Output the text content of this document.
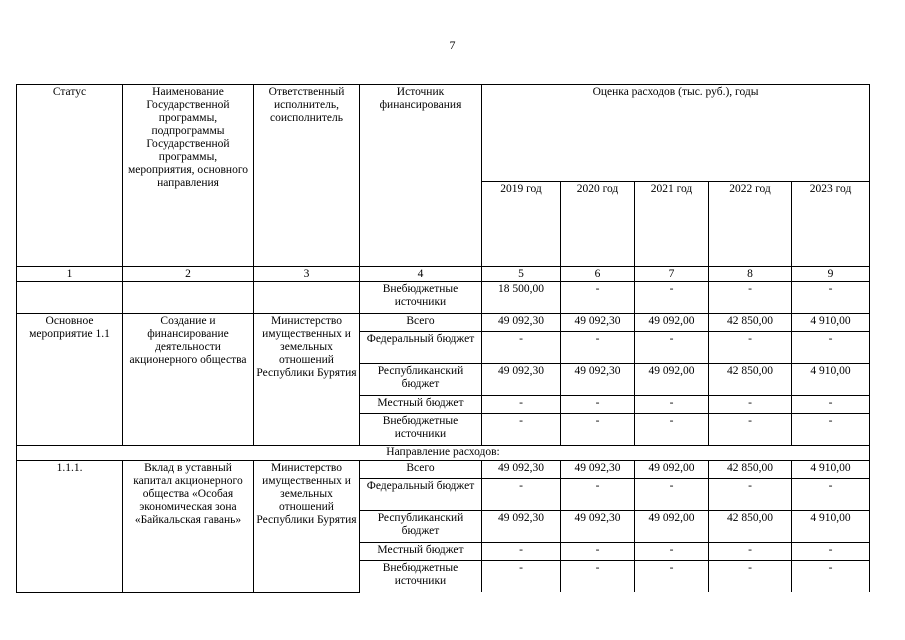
7
Статус	Наименование Государственной программы, подпрограммы Государственной программы, мероприятия, основного направления	Ответственный исполнитель, соисполнитель	Источник финансирования	Оценка расходов (тыс. руб.), годы				
				2019 год	2020 год	2021 год	2022 год	2023 год
1	2	3	4	5	6	7	8	9
			Внебюджетные источники	18 500,00	-	-	-	-
Основное мероприятие 1.1	Создание и финансирование деятельности акционерного общества	Министерство имущественных и земельных отношений Республики Бурятия	Всего	49 092,30	49 092,30	49 092,00	42 850,00	4 910,00
			Федеральный бюджет	-	-	-	-	-
			Республиканский бюджет	49 092,30	49 092,30	49 092,00	42 850,00	4 910,00
			Местный бюджет	-	-	-	-	-
			Внебюджетные источники	-	-	-	-	-
Направление расходов:								
1.1.1.	Вклад в уставный капитал акционерного общества «Особая экономическая зона «Байкальская гавань»	Министерство имущественных и земельных отношений Республики Бурятия	Всего	49 092,30	49 092,30	49 092,00	42 850,00	4 910,00
			Федеральный бюджет	-	-	-	-	-
			Республиканский бюджет	49 092,30	49 092,30	49 092,00	42 850,00	4 910,00
			Местный бюджет	-	-	-	-	-
			Внебюджетные источники	-	-	-	-	-
